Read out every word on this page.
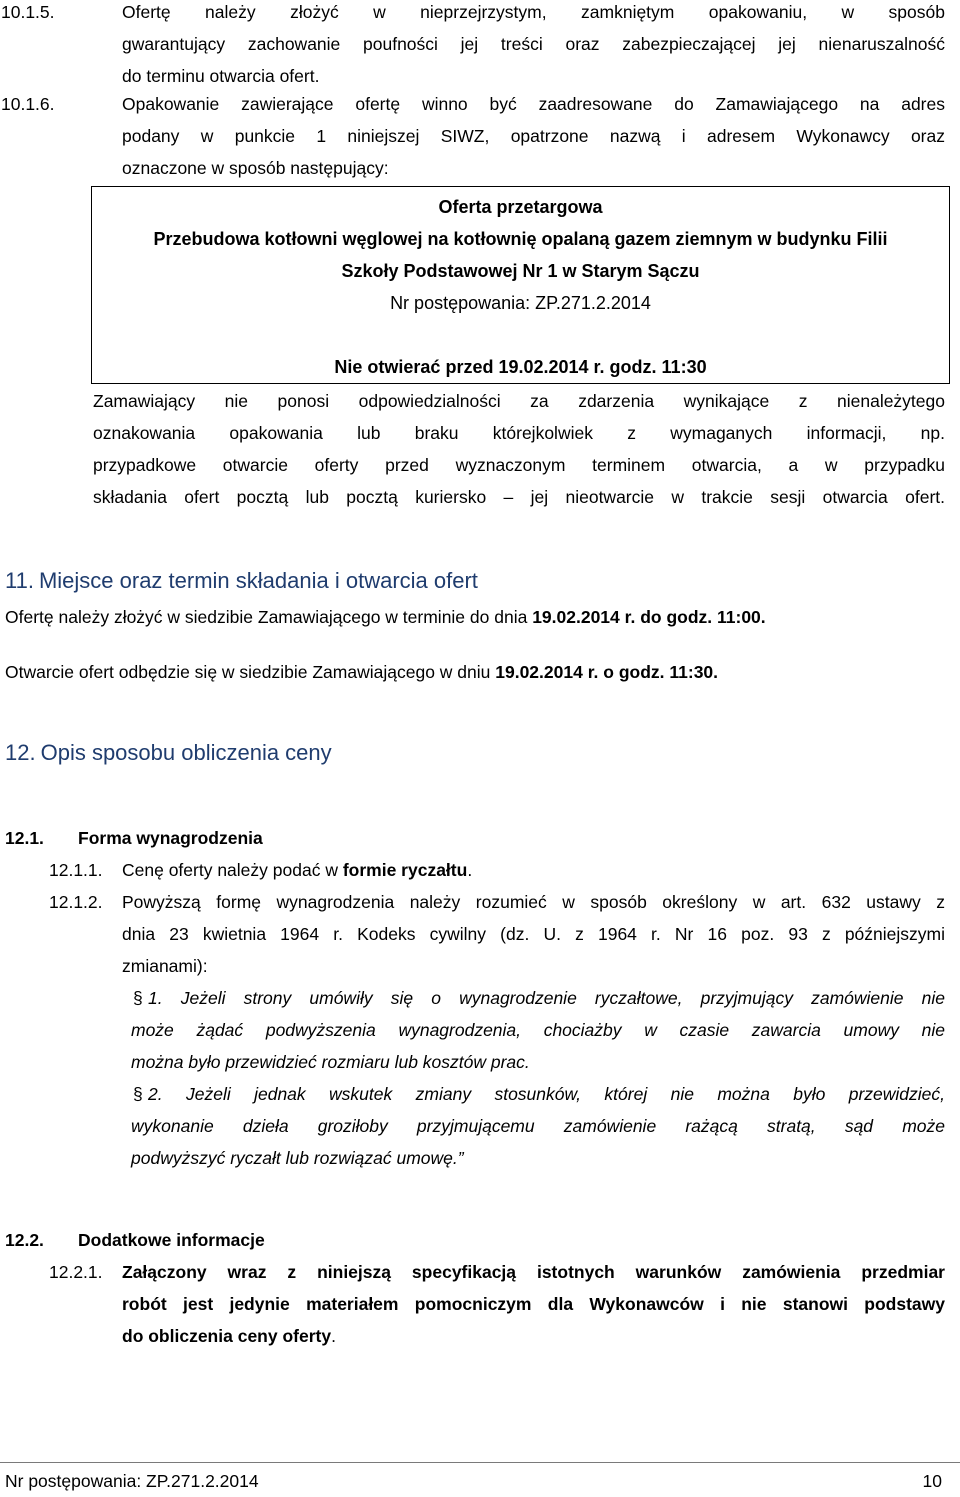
10.1.5.	Ofertę należy złożyć w nieprzejrzystym, zamkniętym opakowaniu, w sposób
gwarantujący zachowanie poufności jej treści oraz zabezpieczającej jej nienaruszalność
do terminu otwarcia ofert.
10.1.6.	Opakowanie zawierające ofertę winno być zaadresowane do Zamawiającego na adres
podany w punkcie 1 niniejszej SIWZ, opatrzone nazwą i adresem Wykonawcy oraz
oznaczone w sposób następujący:
Oferta przetargowa
Przebudowa kotłowni węglowej na kotłownię opalaną gazem ziemnym w budynku Filii
Szkoły Podstawowej Nr 1 w Starym Sączu
Nr postępowania: ZP.271.2.2014
Nie otwierać przed 19.02.2014 r. godz. 11:30
Zamawiający nie ponosi odpowiedzialności za zdarzenia wynikające z nienależytego
oznakowania opakowania lub braku którejkolwiek z wymaganych informacji, np.
przypadkowe otwarcie oferty przed wyznaczonym terminem otwarcia, a w przypadku
składania ofert pocztą lub pocztą kuriersko – jej nieotwarcie w trakcie sesji otwarcia ofert.
11. Miejsce oraz termin składania i otwarcia ofert
Ofertę należy złożyć w siedzibie Zamawiającego w terminie do dnia 19.02.2014 r. do godz. 11:00.
Otwarcie ofert odbędzie się w siedzibie Zamawiającego w dniu 19.02.2014 r. o godz. 11:30.
12. Opis sposobu obliczenia ceny
12.1. Forma wynagrodzenia
12.1.1. Cenę oferty należy podać w formie ryczałtu.
12.1.2. Powyższą formę wynagrodzenia należy rozumieć w sposób określony w art. 632 ustawy z
dnia 23 kwietnia 1964 r. Kodeks cywilny (dz. U. z 1964 r. Nr 16 poz. 93 z późniejszymi
zmianami):
§ 1. Jeżeli strony umówiły się o wynagrodzenie ryczałtowe, przyjmujący zamówienie nie
może żądać podwyższenia wynagrodzenia, chociażby w czasie zawarcia umowy nie
można było przewidzieć rozmiaru lub kosztów prac.
§ 2. Jeżeli jednak wskutek zmiany stosunków, której nie można było przewidzieć,
wykonanie dzieła groziłoby przyjmującemu zamówienie rażącą stratą, sąd może
podwyższyć ryczałt lub rozwiązać umowę.”
12.2. Dodatkowe informacje
12.2.1. Załączony wraz z niniejszą specyfikacją istotnych warunków zamówienia przedmiar
robót jest jedynie materiałem pomocniczym dla Wykonawców i nie stanowi podstawy
do obliczenia ceny oferty.
Nr postępowania: ZP.271.2.2014	10
